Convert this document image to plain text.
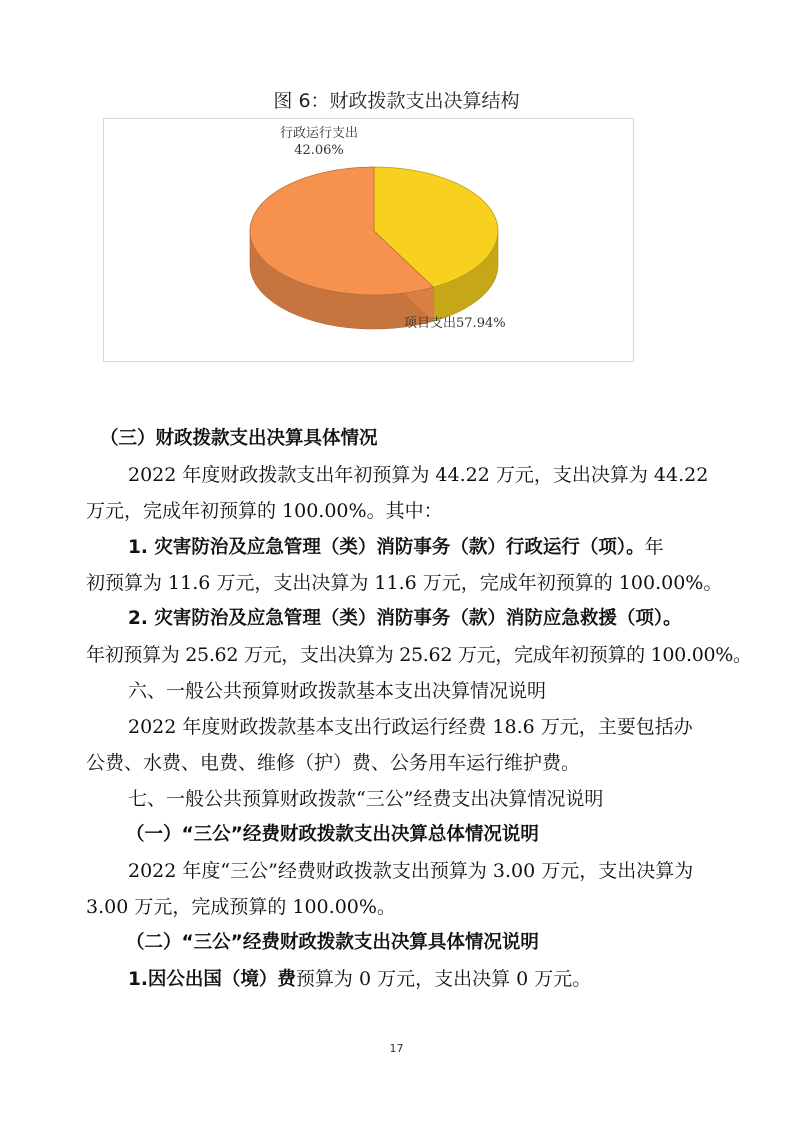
图 6：财政拨款支出决算结构
行政运行支出
42.06%
项目支出57.94%
（三）财政拨款支出决算具体情况
2022 年度财政拨款支出年初预算为 44.22 万元，支出决算为 44.22
万元，完成年初预算的 100.00%。其中：
1. 灾害防治及应急管理（类）消防事务（款）行政运行（项）。年
初预算为 11.6 万元，支出决算为 11.6 万元，完成年初预算的 100.00%。
2. 灾害防治及应急管理（类）消防事务（款）消防应急救援（项）。
年初预算为 25.62 万元，支出决算为 25.62 万元，完成年初预算的 100.00%。
六、一般公共预算财政拨款基本支出决算情况说明
2022 年度财政拨款基本支出行政运行经费 18.6 万元，主要包括办
公费、水费、电费、维修（护）费、公务用车运行维护费。
七、一般公共预算财政拨款“三公”经费支出决算情况说明
（一）“三公”经费财政拨款支出决算总体情况说明
2022 年度“三公”经费财政拨款支出预算为 3.00 万元，支出决算为
3.00 万元，完成预算的 100.00%。
（二）“三公”经费财政拨款支出决算具体情况说明
1.因公出国（境）费预算为 0 万元，支出决算 0 万元。
17
